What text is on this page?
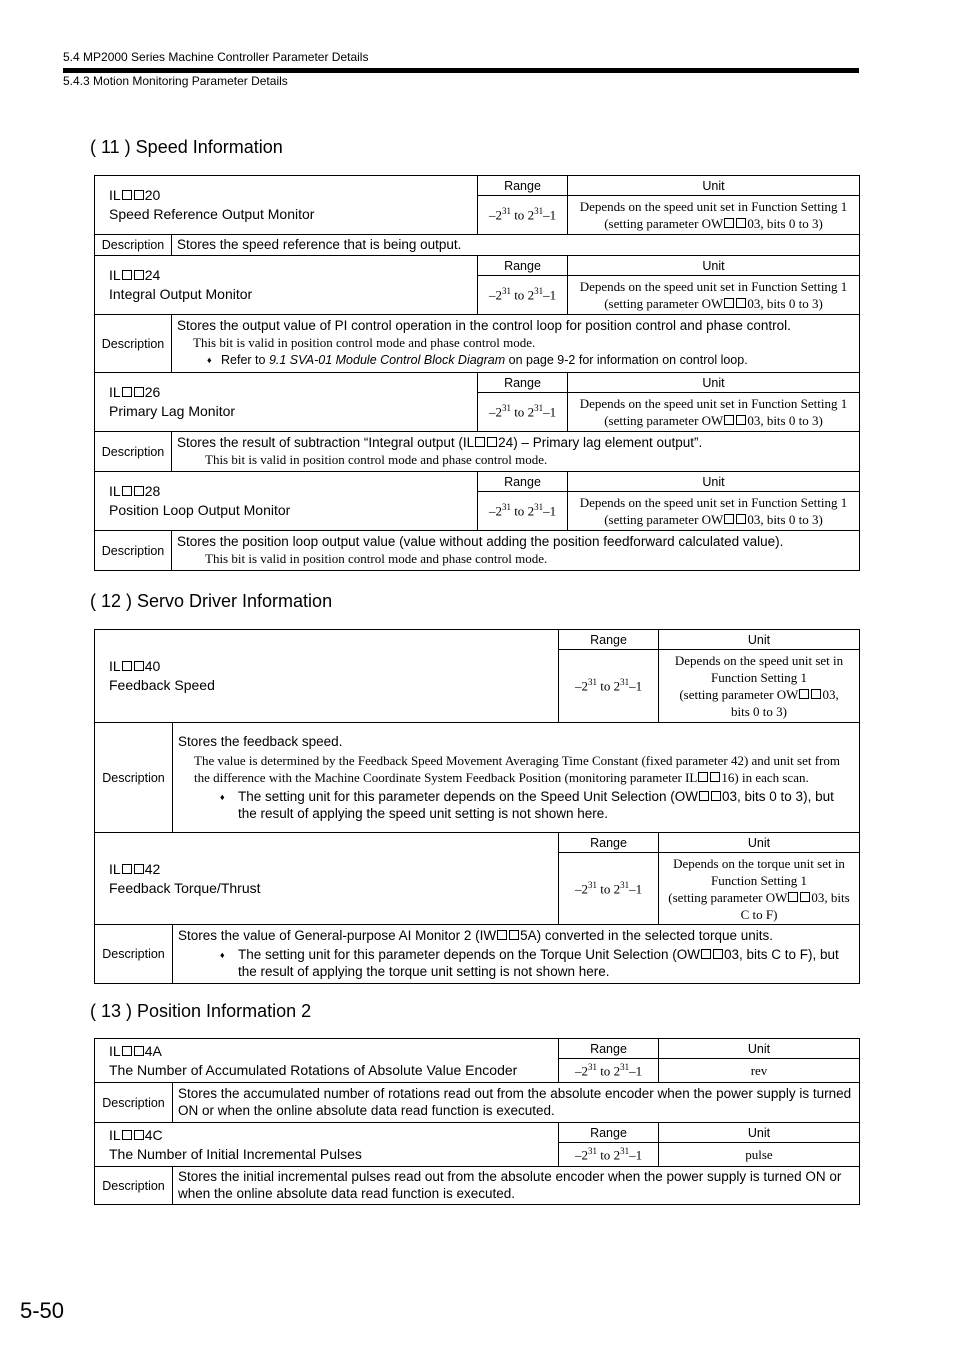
5.4 MP2000 Series Machine Controller Parameter Details
5.4.3 Motion Monitoring Parameter Details
( 11 ) Speed Information
IL 20
Speed Reference Output Monitor		Range	Unit
		$-2^{31}$ to $2^{31}-1$	Depends on the speed unit set in Function Setting 1
(setting parameter OW 03, bits 0 to 3)

Description	Stores the speed reference that is being output.		

IL 24
Integral Output Monitor		Range	Unit
		$-2^{31}$ to $2^{31}-1$	Depends on the speed unit set in Function Setting 1
(setting parameter OW 03, bits 0 to 3)

Description	Stores the output value of PI control operation in the control loop for position control and phase control.
This bit is valid in position control mode and phase control mode.
♦ Refer to 9.1 SVA-01 Module Control Block Diagram on page 9-2 for information on control loop.		

IL 26
Primary Lag Monitor		Range	Unit
		$-2^{31}$ to $2^{31}-1$	Depends on the speed unit set in Function Setting 1
(setting parameter OW 03, bits 0 to 3)

Description	Stores the result of subtraction “Integral output (IL 24) – Primary lag element output”.
This bit is valid in position control mode and phase control mode.		

IL 28
Position Loop Output Monitor		Range	Unit
		$-2^{31}$ to $2^{31}-1$	Depends on the speed unit set in Function Setting 1
(setting parameter OW 03, bits 0 to 3)

Description	Stores the position loop output value (value without adding the position feedforward calculated value).
This bit is valid in position control mode and phase control mode.		
( 12 ) Servo Driver Information
IL 40
Feedback Speed		Range	Unit
		$-2^{31}$ to $2^{31}-1$	Depends on the speed unit set in
Function Setting 1
(setting parameter OW 03,
bits 0 to 3)

Description	Stores the feedback speed.
The value is determined by the Feedback Speed Movement Averaging Time Constant (fixed parameter 42) and unit set from the difference with the Machine Coordinate System Feedback Position (monitoring parameter IL 16) in each scan.
♦ The setting unit for this parameter depends on the Speed Unit Selection (OW 03, bits 0 to 3), but the result of applying the speed unit setting is not shown here.		

IL 42
Feedback Torque/Thrust		Range	Unit
		$-2^{31}$ to $2^{31}-1$	Depends on the torque unit set in
Function Setting 1
(setting parameter OW 03, bits
C to F)

Description	Stores the value of General-purpose AI Monitor 2 (IW 5A) converted in the selected torque units.
♦ The setting unit for this parameter depends on the Torque Unit Selection (OW 03, bits C to F), but the result of applying the torque unit setting is not shown here.		
( 13 ) Position Information 2
IL 4A
The Number of Accumulated Rotations of Absolute Value Encoder		Range	Unit
		$-2^{31}$ to $2^{31}-1$	rev
Description	Stores the accumulated number of rotations read out from the absolute encoder when the power supply is turned ON or when the online absolute data read function is executed.		

IL 4C
The Number of Initial Incremental Pulses		Range	Unit
		$-2^{31}$ to $2^{31}-1$	pulse
Description	Stores the initial incremental pulses read out from the absolute encoder when the power supply is turned ON or when the online absolute data read function is executed.		
5-50
